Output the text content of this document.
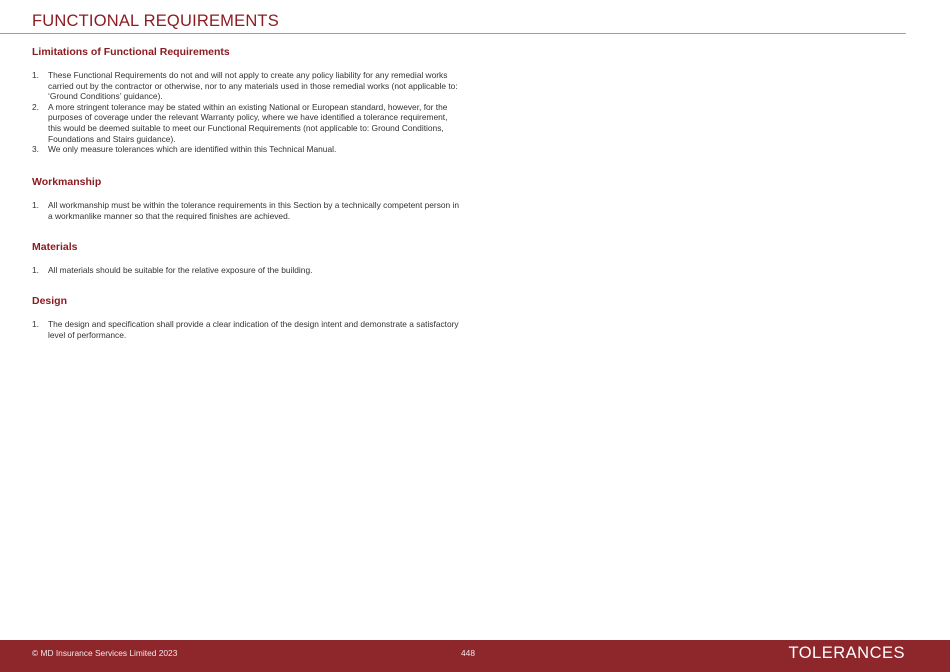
FUNCTIONAL REQUIREMENTS
Limitations of Functional Requirements
1. These Functional Requirements do not and will not apply to create any policy liability for any remedial works carried out by the contractor or otherwise, nor to any materials used in those remedial works (not applicable to: ‘Ground Conditions’ guidance).
2. A more stringent tolerance may be stated within an existing National or European standard, however, for the purposes of coverage under the relevant Warranty policy, where we have identified a tolerance requirement, this would be deemed suitable to meet our Functional Requirements (not applicable to: Ground Conditions, Foundations and Stairs guidance).
3. We only measure tolerances which are identified within this Technical Manual.
Workmanship
1. All workmanship must be within the tolerance requirements in this Section by a technically competent person in a workmanlike manner so that the required finishes are achieved.
Materials
1. All materials should be suitable for the relative exposure of the building.
Design
1. The design and specification shall provide a clear indication of the design intent and demonstrate a satisfactory level of performance.
© MD Insurance Services Limited 2023	448	TOLERANCES
